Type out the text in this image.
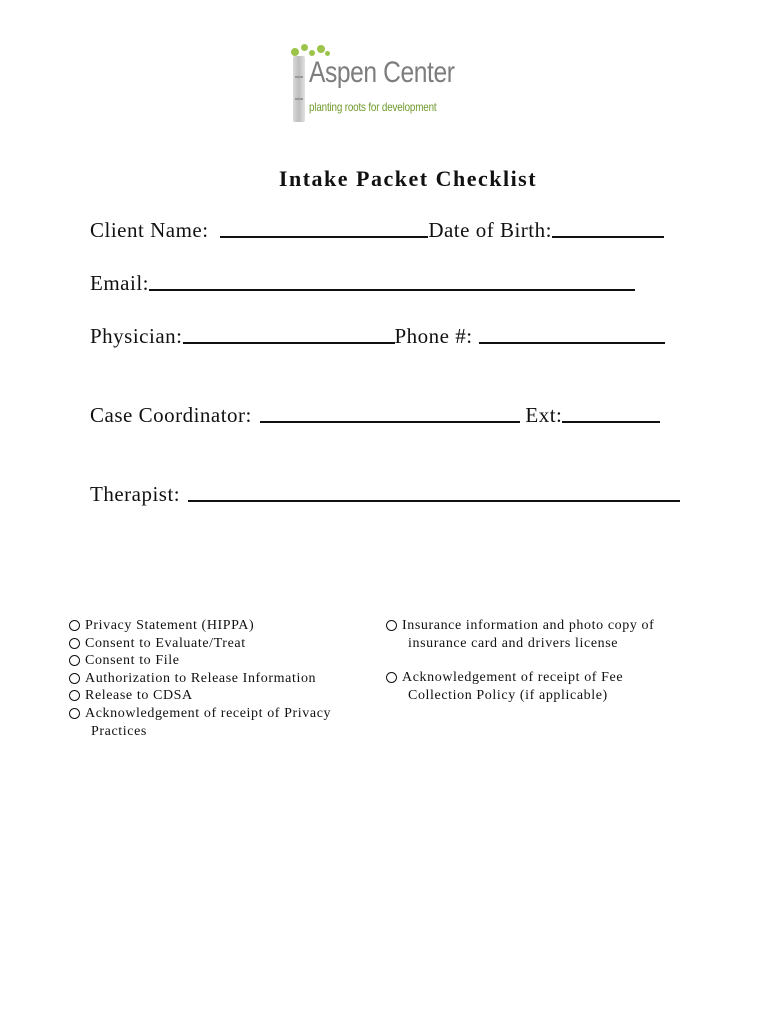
Aspen Center
planting roots for development
Intake Packet Checklist
Client Name:	Date of Birth:
Email:
Physician:	Phone #:
Case Coordinator:	Ext:
Therapist:
Privacy Statement (HIPPA)
Consent to Evaluate/Treat
Consent to File
Authorization to Release Information
Release to CDSA
Acknowledgement of receipt of Privacy
Practices
Insurance information and photo copy of
insurance card and drivers license
Acknowledgement of receipt of Fee
Collection Policy (if applicable)
